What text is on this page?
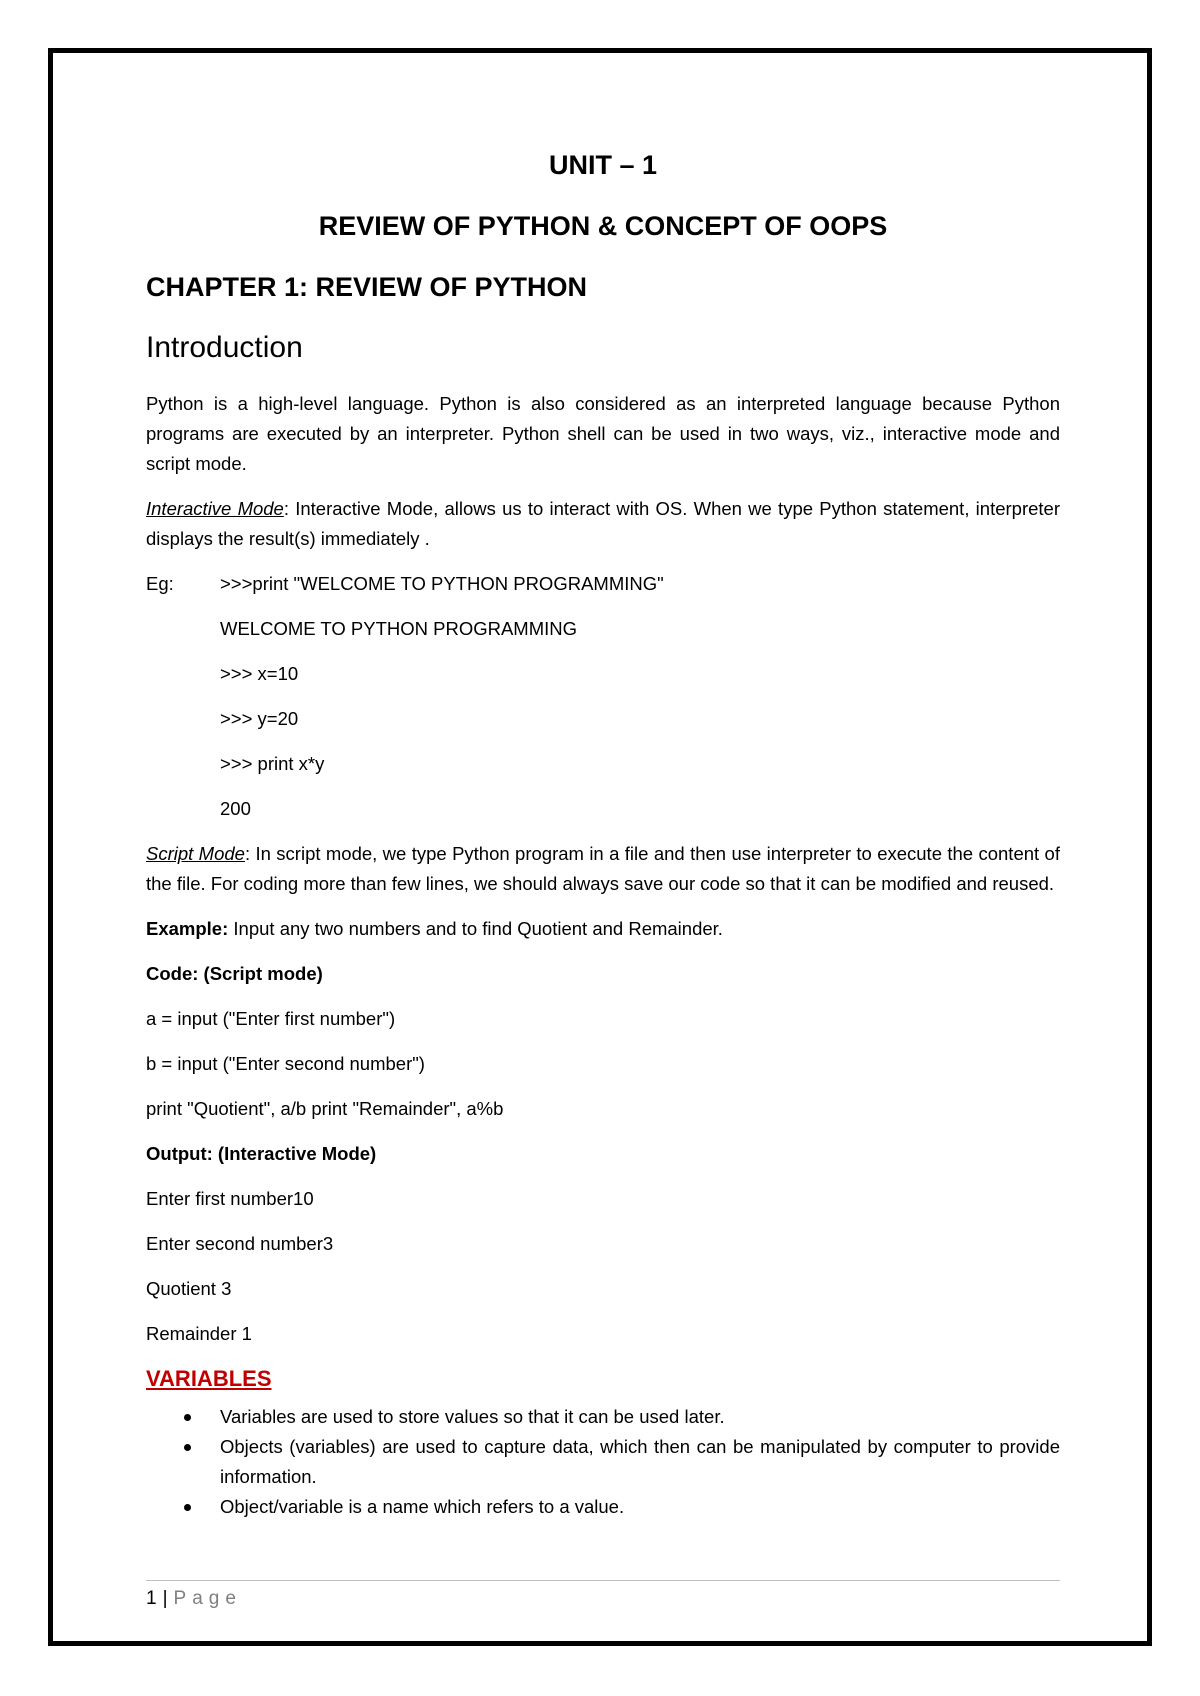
UNIT – 1
REVIEW OF PYTHON & CONCEPT OF OOPS
CHAPTER 1: REVIEW OF PYTHON
Introduction

Python is a high-level language. Python is also considered as an interpreted language because Python programs are executed by an interpreter. Python shell can be used in two ways, viz., interactive mode and script mode.

Interactive Mode: Interactive Mode, allows us to interact with OS. When we type Python statement, interpreter displays the result(s) immediately .

Eg:	>>>print "WELCOME TO PYTHON PROGRAMMING"
WELCOME TO PYTHON PROGRAMMING
>>> x=10
>>> y=20
>>> print x*y
200

Script Mode: In script mode, we type Python program in a file and then use interpreter to execute the content of the file. For coding more than few lines, we should always save our code so that it can be modified and reused.

Example: Input any two numbers and to find Quotient and Remainder.

Code: (Script mode)

a = input ("Enter first number")

b = input ("Enter second number")

print "Quotient", a/b print "Remainder", a%b

Output: (Interactive Mode)

Enter first number10

Enter second number3

Quotient 3

Remainder 1

VARIABLES
Variables are used to store values so that it can be used later.
Objects (variables) are used to capture data, which then can be manipulated by computer to provide information.
Object/variable is a name which refers to a value.
1 | Page
